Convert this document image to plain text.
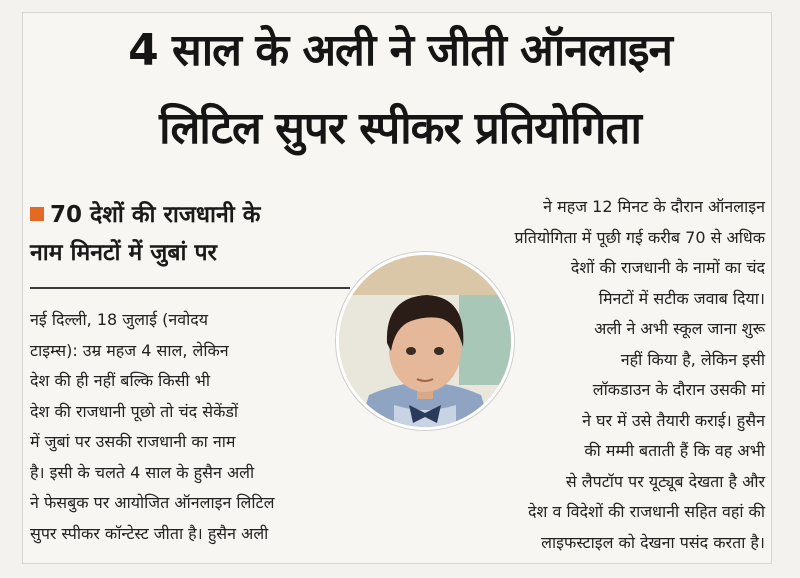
4 साल के अली ने जीती ऑनलाइन
लिटिल सुपर स्पीकर प्रतियोगिता
70 देशों की राजधानी के
नाम मिनटों में जुबां पर
नई दिल्ली, 18 जुलाई (नवोदय
टाइम्स): उम्र महज 4 साल, लेकिन
देश की ही नहीं बल्कि किसी भी
देश की राजधानी पूछो तो चंद सेकेंडों
में जुबां पर उसकी राजधानी का नाम
है। इसी के चलते 4 साल के हुसैन अली
ने फेसबुक पर आयोजित ऑनलाइन लिटिल
सुपर स्पीकर कॉन्टेस्ट जीता है। हुसैन अली
ने महज 12 मिनट के दौरान ऑनलाइन
प्रतियोगिता में पूछी गई करीब 70 से अधिक
देशों की राजधानी के नामों का चंद
मिनटों में सटीक जवाब दिया।
अली ने अभी स्कूल जाना शुरू
नहीं किया है, लेकिन इसी
लॉकडाउन के दौरान उसकी मां
ने घर में उसे तैयारी कराई। हुसैन
की मम्मी बताती हैं कि वह अभी
से लैपटॉप पर यूट्यूब देखता है और
देश व विदेशों की राजधानी सहित वहां की
लाइफस्टाइल को देखना पसंद करता है।
